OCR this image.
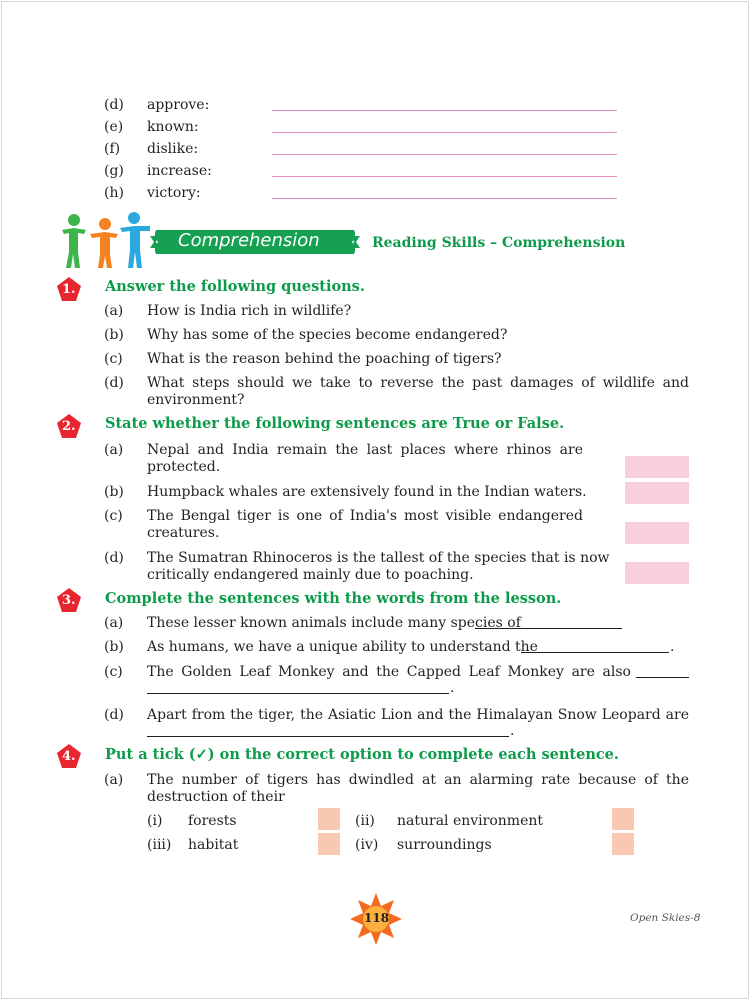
(d) approve:
(e) known:
(f) dislike:
(g) increase:
(h) victory:
Comprehension	Reading Skills – Comprehension
1. Answer the following questions.
(a) How is India rich in wildlife?
(b) Why has some of the species become endangered?
(c) What is the reason behind the poaching of tigers?
(d) What steps should we take to reverse the past damages of wildlife and
environment?
2. State whether the following sentences are True or False.
(a) Nepal and India remain the last places where rhinos are
protected.
(b) Humpback whales are extensively found in the Indian waters.
(c) The Bengal tiger is one of India's most visible endangered
creatures.
(d) The Sumatran Rhinoceros is the tallest of the species that is now
critically endangered mainly due to poaching.
3. Complete the sentences with the words from the lesson.
(a) These lesser known animals include many species of
(b) As humans, we have a unique ability to understand the	.
(c) The Golden Leaf Monkey and the Capped Leaf Monkey are also
.
(d) Apart from the tiger, the Asiatic Lion and the Himalayan Snow Leopard are
.
4. Put a tick (✓) on the correct option to complete each sentence.
(a) The number of tigers has dwindled at an alarming rate because of the
destruction of their
(i) forests	(ii) natural environment
(iii) habitat	(iv) surroundings
118	Open Skies-8
